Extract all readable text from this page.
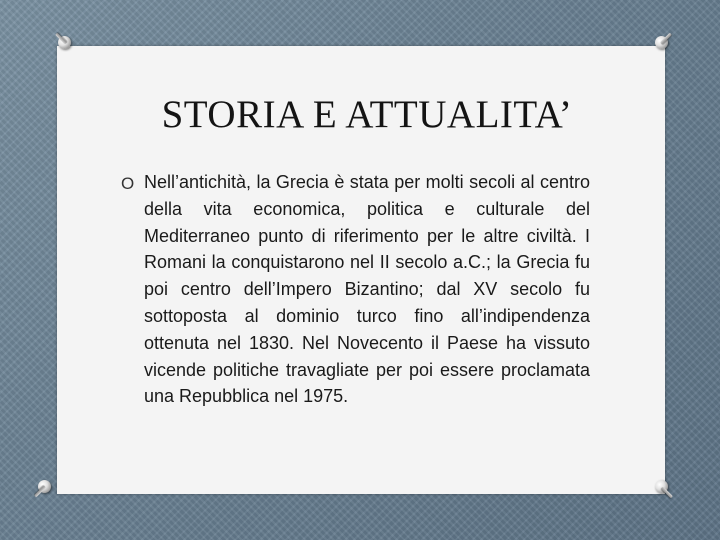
STORIA E ATTUALITA’
O Nell’antichità, la Grecia è stata per molti secoli al centro della vita economica, politica e culturale del Mediterraneo punto di riferimento per le altre civiltà. I Romani la conquistarono nel II secolo a.C.; la Grecia fu poi centro dell’Impero Bizantino; dal XV secolo fu sottoposta al dominio turco fino all’indipendenza ottenuta nel 1830. Nel Novecento il Paese ha vissuto vicende politiche travagliate per poi essere proclamata una Repubblica nel 1975.
